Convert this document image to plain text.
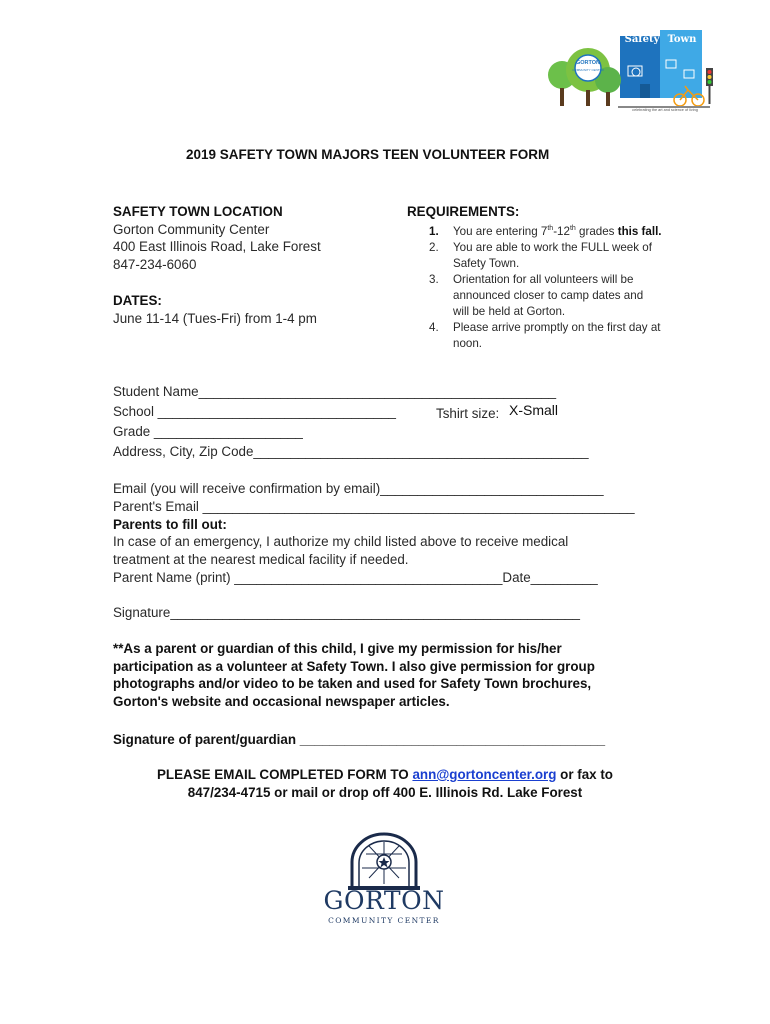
Safety Town
GORTON
COMMUNITY CENTER
celebrating the art and science of living
2019 SAFETY TOWN MAJORS TEEN VOLUNTEER FORM
SAFETY TOWN LOCATION
Gorton Community Center
400 East Illinois Road, Lake Forest
847-234-6060
DATES:
June 11-14 (Tues-Fri) from 1-4 pm
REQUIREMENTS:
1. You are entering 7th-12th grades this fall.
2. You are able to work the FULL week of Safety Town.
3. Orientation for all volunteers will be announced closer to camp dates and will be held at Gorton.
4. Please arrive promptly on the first day at noon.
Student Name________________________________________________
School ________________________________	Tshirt size: X-Small
Grade ____________________
Address, City, Zip Code_____________________________________________
Email (you will receive confirmation by email)______________________________
Parent's Email __________________________________________________________
Parents to fill out:
In case of an emergency, I authorize my child listed above to receive medical
treatment at the nearest medical facility if needed.
Parent Name (print) ____________________________________Date_________
Signature_______________________________________________________
**As a parent or guardian of this child, I give my permission for his/her
participation as a volunteer at Safety Town. I also give permission for group
photographs and/or video to be taken and used for Safety Town brochures,
Gorton's website and occasional newspaper articles.
Signature of parent/guardian _________________________________________
PLEASE EMAIL COMPLETED FORM TO ann@gortoncenter.org or fax to
847/234-4715 or mail or drop off 400 E. Illinois Rd. Lake Forest
GORTON
COMMUNITY CENTER
